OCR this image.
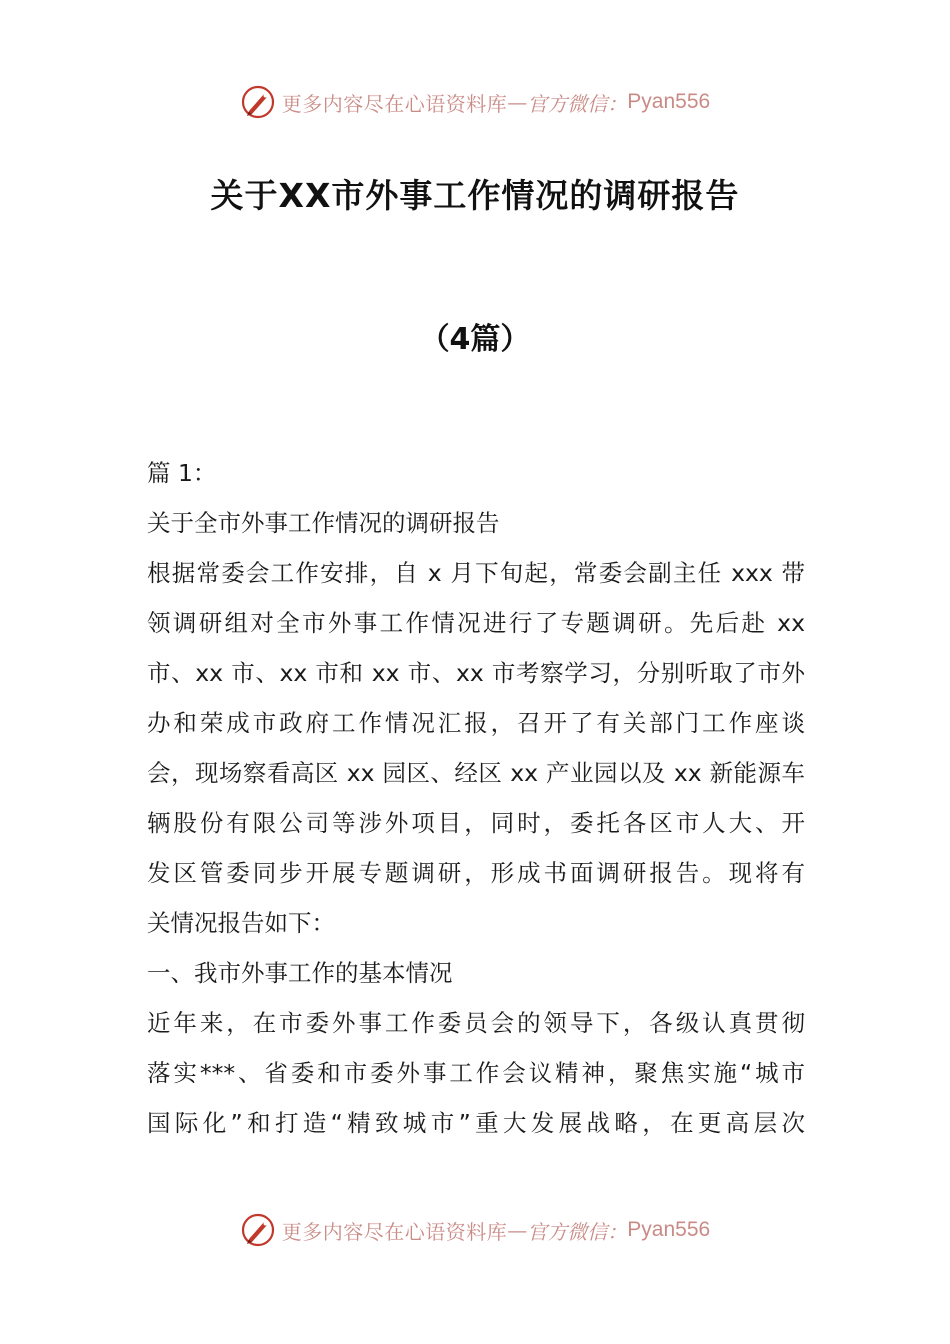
更多内容尽在心语资料库 — 官方微信： Pyan556
关于XX市外事工作情况的调研报告
（4篇）
篇 1：
关于全市外事工作情况的调研报告
根据常委会工作安排，自 x 月下旬起，常委会副主任 xxx 带
领调研组对全市外事工作情况进行了专题调研。先后赴 xx
市、xx 市、xx 市和 xx 市、xx 市考察学习，分别听取了市外
办和荣成市政府工作情况汇报，召开了有关部门工作座谈
会，现场察看高区 xx 园区、经区 xx 产业园以及 xx 新能源车
辆股份有限公司等涉外项目，同时，委托各区市人大、开
发区管委同步开展专题调研，形成书面调研报告。现将有
关情况报告如下：
一、我市外事工作的基本情况
近年来，在市委外事工作委员会的领导下，各级认真贯彻
落实***、省委和市委外事工作会议精神，聚焦实施“城市
国际化”和打造“精致城市”重大发展战略，在更高层次
更多内容尽在心语资料库 — 官方微信： Pyan556
